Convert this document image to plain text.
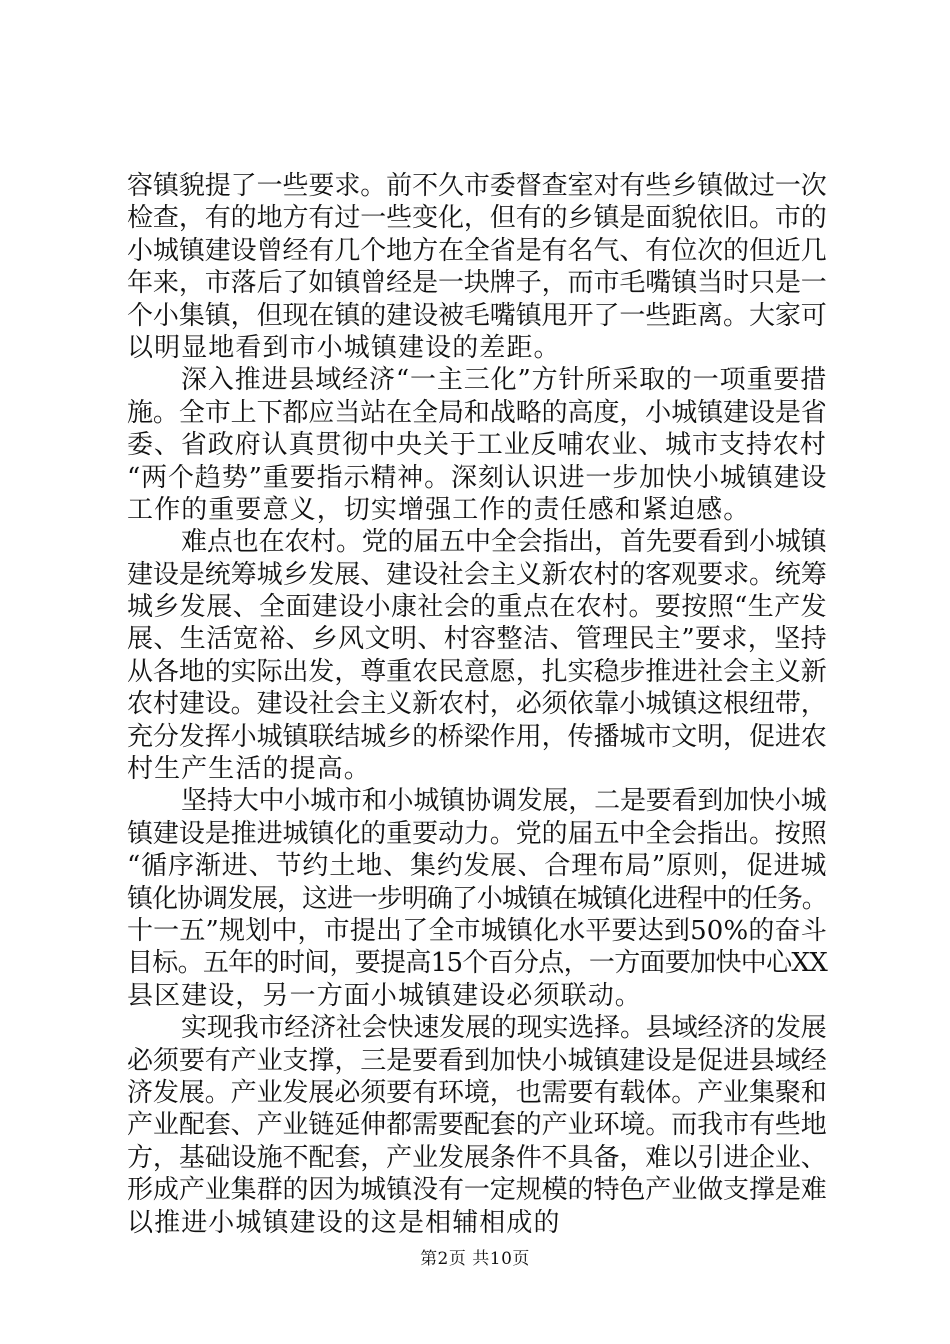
容镇貌提了一些要求。前不久市委督查室对有些乡镇做过一次
检查，有的地方有过一些变化，但有的乡镇是面貌依旧。市的
小城镇建设曾经有几个地方在全省是有名气、有位次的但近几
年来，市落后了如镇曾经是一块牌子，而市毛嘴镇当时只是一
个小集镇，但现在镇的建设被毛嘴镇甩开了一些距离。大家可
以明显地看到市小城镇建设的差距。
深入推进县域经济“一主三化”方针所采取的一项重要措
施。全市上下都应当站在全局和战略的高度，小城镇建设是省
委、省政府认真贯彻中央关于工业反哺农业、城市支持农村
“两个趋势”重要指示精神。深刻认识进一步加快小城镇建设
工作的重要意义，切实增强工作的责任感和紧迫感。
难点也在农村。党的届五中全会指出，首先要看到小城镇
建设是统筹城乡发展、建设社会主义新农村的客观要求。统筹
城乡发展、全面建设小康社会的重点在农村。要按照“生产发
展、生活宽裕、乡风文明、村容整洁、管理民主”要求，坚持
从各地的实际出发，尊重农民意愿，扎实稳步推进社会主义新
农村建设。建设社会主义新农村，必须依靠小城镇这根纽带，
充分发挥小城镇联结城乡的桥梁作用，传播城市文明，促进农
村生产生活的提高。
坚持大中小城市和小城镇协调发展，二是要看到加快小城
镇建设是推进城镇化的重要动力。党的届五中全会指出。按照
“循序渐进、节约土地、集约发展、合理布局”原则，促进城
镇化协调发展，这进一步明确了小城镇在城镇化进程中的任务。
十一五”规划中，市提出了全市城镇化水平要达到50%的奋斗
目标。五年的时间，要提高15个百分点，一方面要加快中心XX
县区建设，另一方面小城镇建设必须联动。
实现我市经济社会快速发展的现实选择。县域经济的发展
必须要有产业支撑，三是要看到加快小城镇建设是促进县域经
济发展。产业发展必须要有环境，也需要有载体。产业集聚和
产业配套、产业链延伸都需要配套的产业环境。而我市有些地
方，基础设施不配套，产业发展条件不具备，难以引进企业、
形成产业集群的因为城镇没有一定规模的特色产业做支撑是难
以推进小城镇建设的这是相辅相成的
第2页 共10页
